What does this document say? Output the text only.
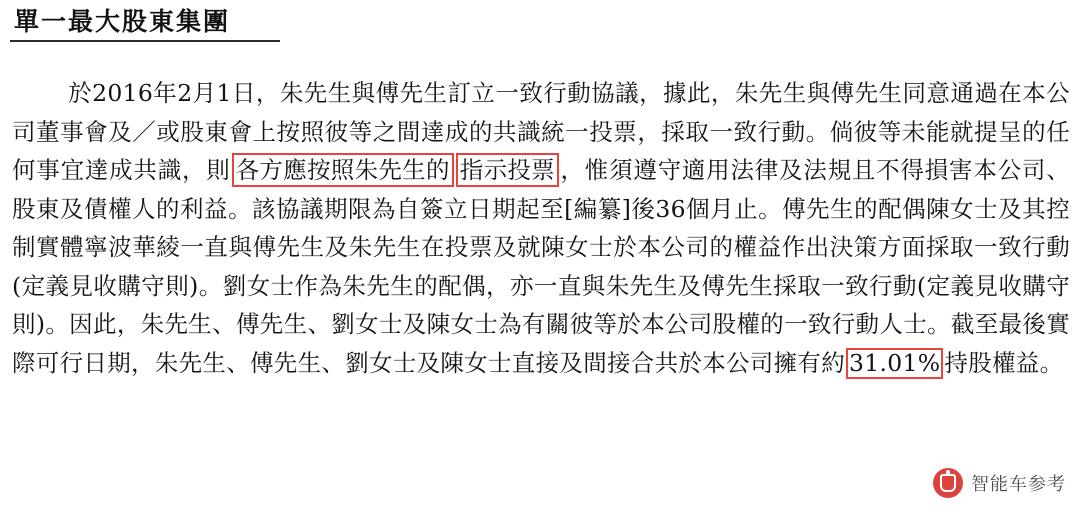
單一最大股東集團
於2016年2月1日，朱先生與傅先生訂立一致行動協議，據此，朱先生與傅先生同意通過在本公司董事會及／或股東會上按照彼等之間達成的共識統一投票，採取一致行動。倘彼等未能就提呈的任何事宜達成共識，則 各方應按照朱先生的 指示投票 ，惟須遵守適用法律及法規且不得損害本公司、股東及債權人的利益。該協議期限為自簽立日期起至[編纂]後36個月止。傅先生的配偶陳女士及其控制實體寧波華綾一直與傅先生及朱先生在投票及就陳女士於本公司的權益作出決策方面採取一致行動(定義見收購守則)。劉女士作為朱先生的配偶，亦一直與朱先生及傅先生採取一致行動(定義見收購守則)。因此，朱先生、傅先生、劉女士及陳女士為有關彼等於本公司股權的一致行動人士。截至最後實際可行日期，朱先生、傅先生、劉女士及陳女士直接及間接合共於本公司擁有約 31.01% 持股權益。
智能车参考
